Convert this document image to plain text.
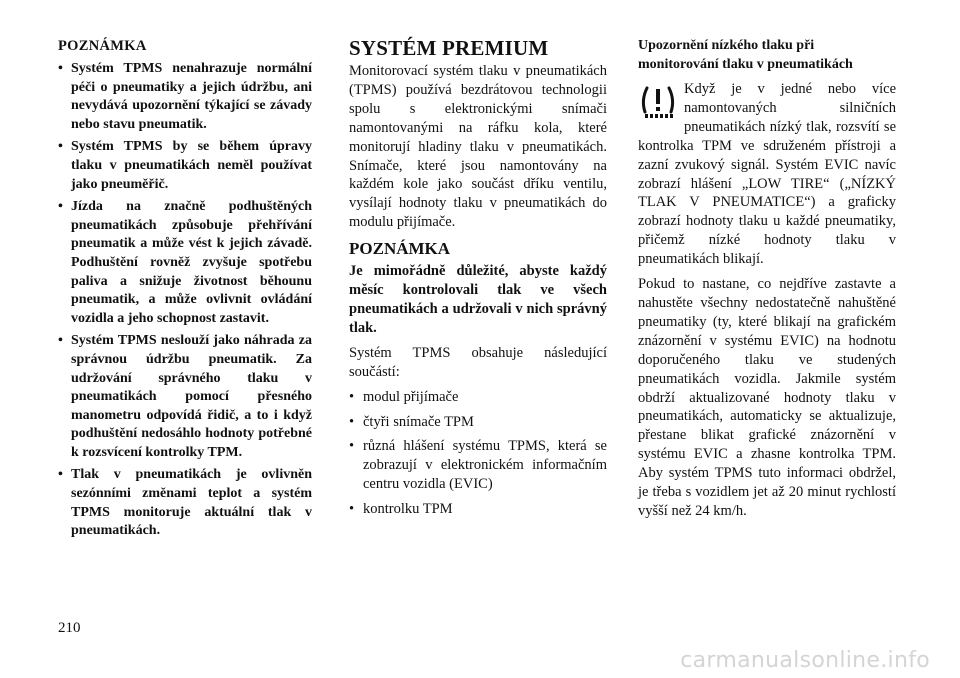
POZNÁMKA
• Systém TPMS nenahrazuje normální péči o pneumatiky a jejich údržbu, ani nevydává upozornění týkající se závady nebo stavu pneumatik.
• Systém TPMS by se během úpravy tlaku v pneumatikách neměl používat jako pneuměřič.
• Jízda na značně podhuštěných pneumatikách způsobuje přehřívání pneumatik a může vést k jejich závadě. Podhuštění rovněž zvyšuje spotřebu paliva a snižuje životnost běhounu pneumatik, a může ovlivnit ovládání vozidla a jeho schopnost zastavit.
• Systém TPMS neslouží jako náhrada za správnou údržbu pneumatik. Za udržování správného tlaku v pneumatikách pomocí přesného manometru odpovídá řidič, a to i když podhuštění nedosáhlo hodnoty potřebné k rozsvícení kontrolky TPM.
• Tlak v pneumatikách je ovlivněn sezónními změnami teplot a systém TPMS monitoruje aktuální tlak v pneumatikách.
SYSTÉM PREMIUM

Monitorovací systém tlaku v pneumatikách (TPMS) používá bezdrátovou technologii spolu s elektronickými snímači namontovanými na ráfku kola, které monitorují hladiny tlaku v pneumatikách. Snímače, které jsou namontovány na každém kole jako součást dříku ventilu, vysílají hodnoty tlaku v pneumatikách do modulu přijímače.

POZNÁMKA

Je mimořádně důležité, abyste každý měsíc kontrolovali tlak ve všech pneumatikách a udržovali v nich správný tlak.

Systém TPMS obsahuje následující součástí:

• modul přijímače
• čtyři snímače TPM
• různá hlášení systému TPMS, která se zobrazují v elektronickém informačním centru vozidla (EVIC)
• kontrolku TPM
Upozornění nízkého tlaku při monitorování tlaku v pneumatikách

Když je v jedné nebo více namontovaných silničních pneumatikách nízký tlak, rozsvítí se kontrolka TPM ve sdruženém přístroji a zazní zvukový signál. Systém EVIC navíc zobrazí hlášení „LOW TIRE“ („NÍZKÝ TLAK V PNEUMATICE“) a graficky zobrazí hodnoty tlaku u každé pneumatiky, přičemž nízké hodnoty tlaku v pneumatikách blikají.

Pokud to nastane, co nejdříve zastavte a nahustěte všechny nedostatečně nahuštěné pneumatiky (ty, které blikají na grafickém znázornění v systému EVIC) na hodnotu doporučeného tlaku ve studených pneumatikách vozidla. Jakmile systém obdrží aktualizované hodnoty tlaku v pneumatikách, automaticky se aktualizuje, přestane blikat grafické znázornění v systému EVIC a zhasne kontrolka TPM. Aby systém TPMS tuto informaci obdržel, je třeba s vozidlem jet až 20 minut rychlostí vyšší než 24 km/h.

210
carmanualsonline.info
